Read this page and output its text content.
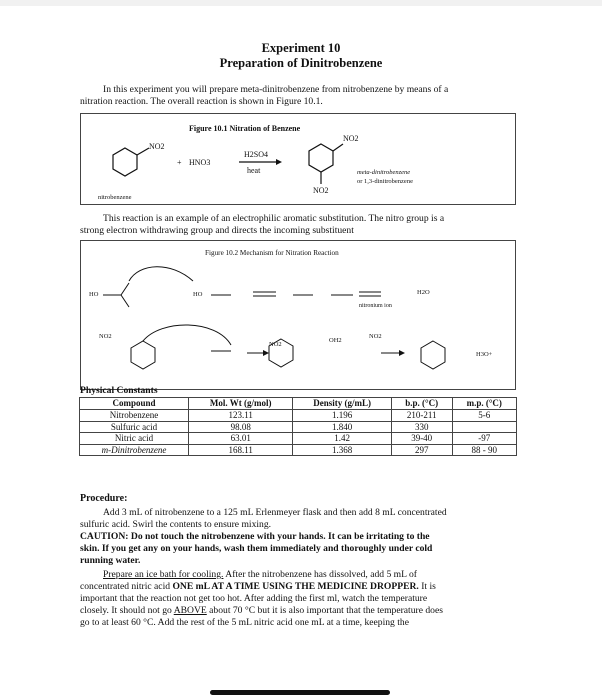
Experiment 10
Preparation of Dinitrobenzene
In this experiment you will prepare meta-dinitrobenzene from nitrobenzene by means of a
nitration reaction. The overall reaction is shown in Figure 10.1.
Figure 10.1 Nitration of Benzene
NO2
+ HNO3
H2SO4
heat
NO2
NO2
meta-dinitrobenzene
or 1,3-dinitrobenzene
nitrobenzene
This reaction is an example of an electrophilic aromatic substitution. The nitro group is a
strong electron withdrawing group and directs the incoming substituent
Figure 10.2 Mechanism for Nitration Reaction
HO	HO	H2O
nitronium ion
NO2
NO2
NO2
OH2
H3O+
Physical Constants
Compound	Mol. Wt (g/mol)	Density (g/mL)	b.p. (°C)	m.p. (°C)
Nitrobenzene	123.11	1.196	210-211	5-6
Sulfuric acid	98.08	1.840	330	
Nitric acid	63.01	1.42	39-40	-97
m-Dinitrobenzene	168.11	1.368	297	88 - 90
Procedure:
Add 3 mL of nitrobenzene to a 125 mL Erlenmeyer flask and then add 8 mL concentrated
sulfuric acid. Swirl the contents to ensure mixing.
CAUTION: Do not touch the nitrobenzene with your hands. It can be irritating to the
skin. If you get any on your hands, wash them immediately and thoroughly under cold
running water.
Prepare an ice bath for cooling. After the nitrobenzene has dissolved, add 5 mL of
concentrated nitric acid ONE mL AT A TIME USING THE MEDICINE DROPPER. It is
important that the reaction not get too hot. After adding the first ml, watch the temperature
closely. It should not go ABOVE about 70 °C but it is also important that the temperature does
go to at least 60 °C. Add the rest of the 5 mL nitric acid one mL at a time, keeping the
